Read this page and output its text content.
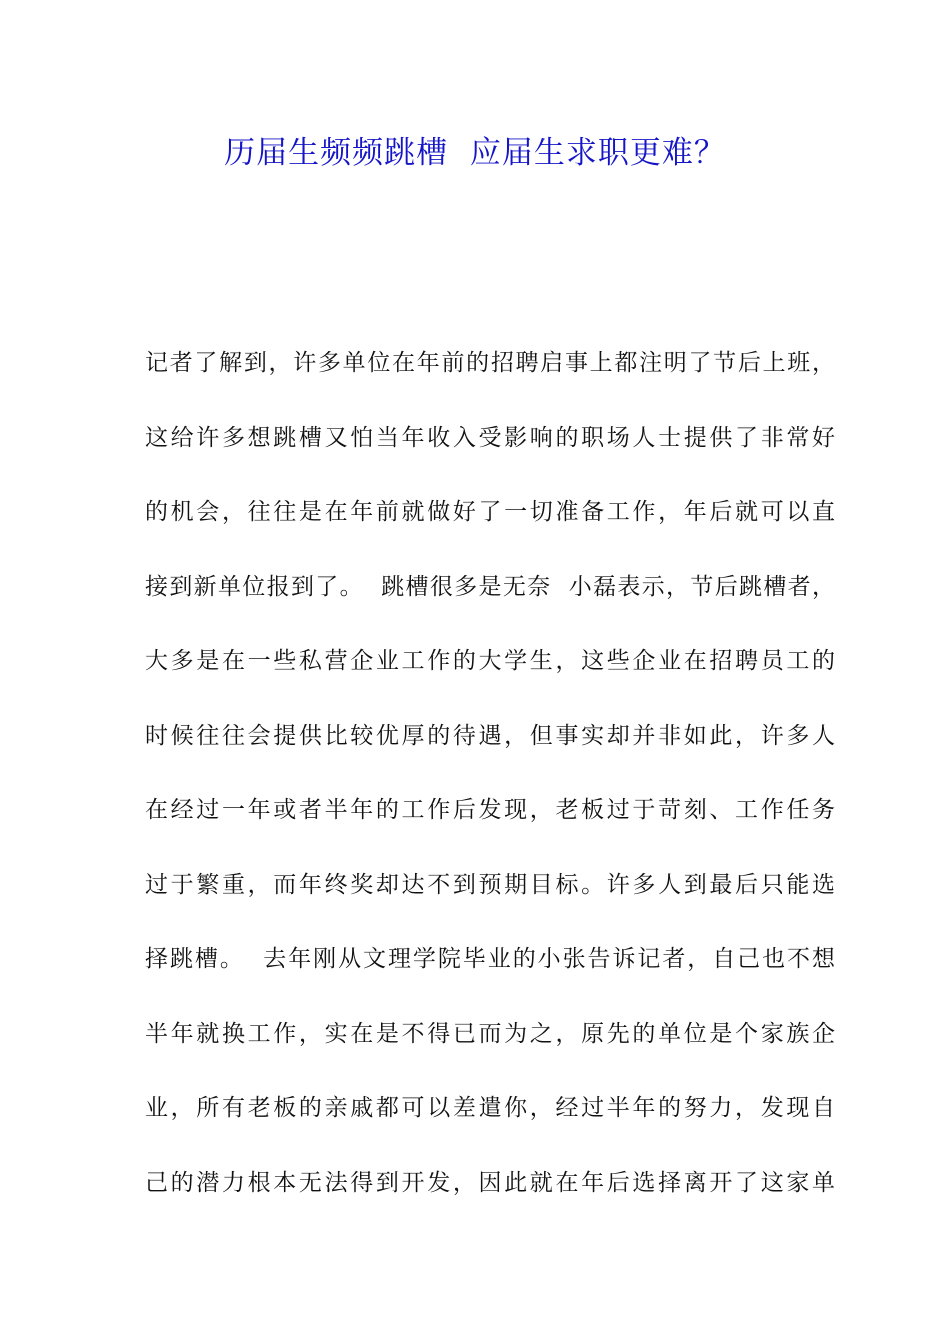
历届生频频跳槽  应届生求职更难？
记者了解到，许多单位在年前的招聘启事上都注明了节后上班，
这给许多想跳槽又怕当年收入受影响的职场人士提供了非常好
的机会，往往是在年前就做好了一切准备工作，年后就可以直
接到新单位报到了。  跳槽很多是无奈  小磊表示，节后跳槽者，
大多是在一些私营企业工作的大学生，这些企业在招聘员工的
时候往往会提供比较优厚的待遇，但事实却并非如此，许多人
在经过一年或者半年的工作后发现，老板过于苛刻、工作任务
过于繁重，而年终奖却达不到预期目标。许多人到最后只能选
择跳槽。  去年刚从文理学院毕业的小张告诉记者，自己也不想
半年就换工作，实在是不得已而为之，原先的单位是个家族企
业，所有老板的亲戚都可以差遣你，经过半年的努力，发现自
己的潜力根本无法得到开发，因此就在年后选择离开了这家单
